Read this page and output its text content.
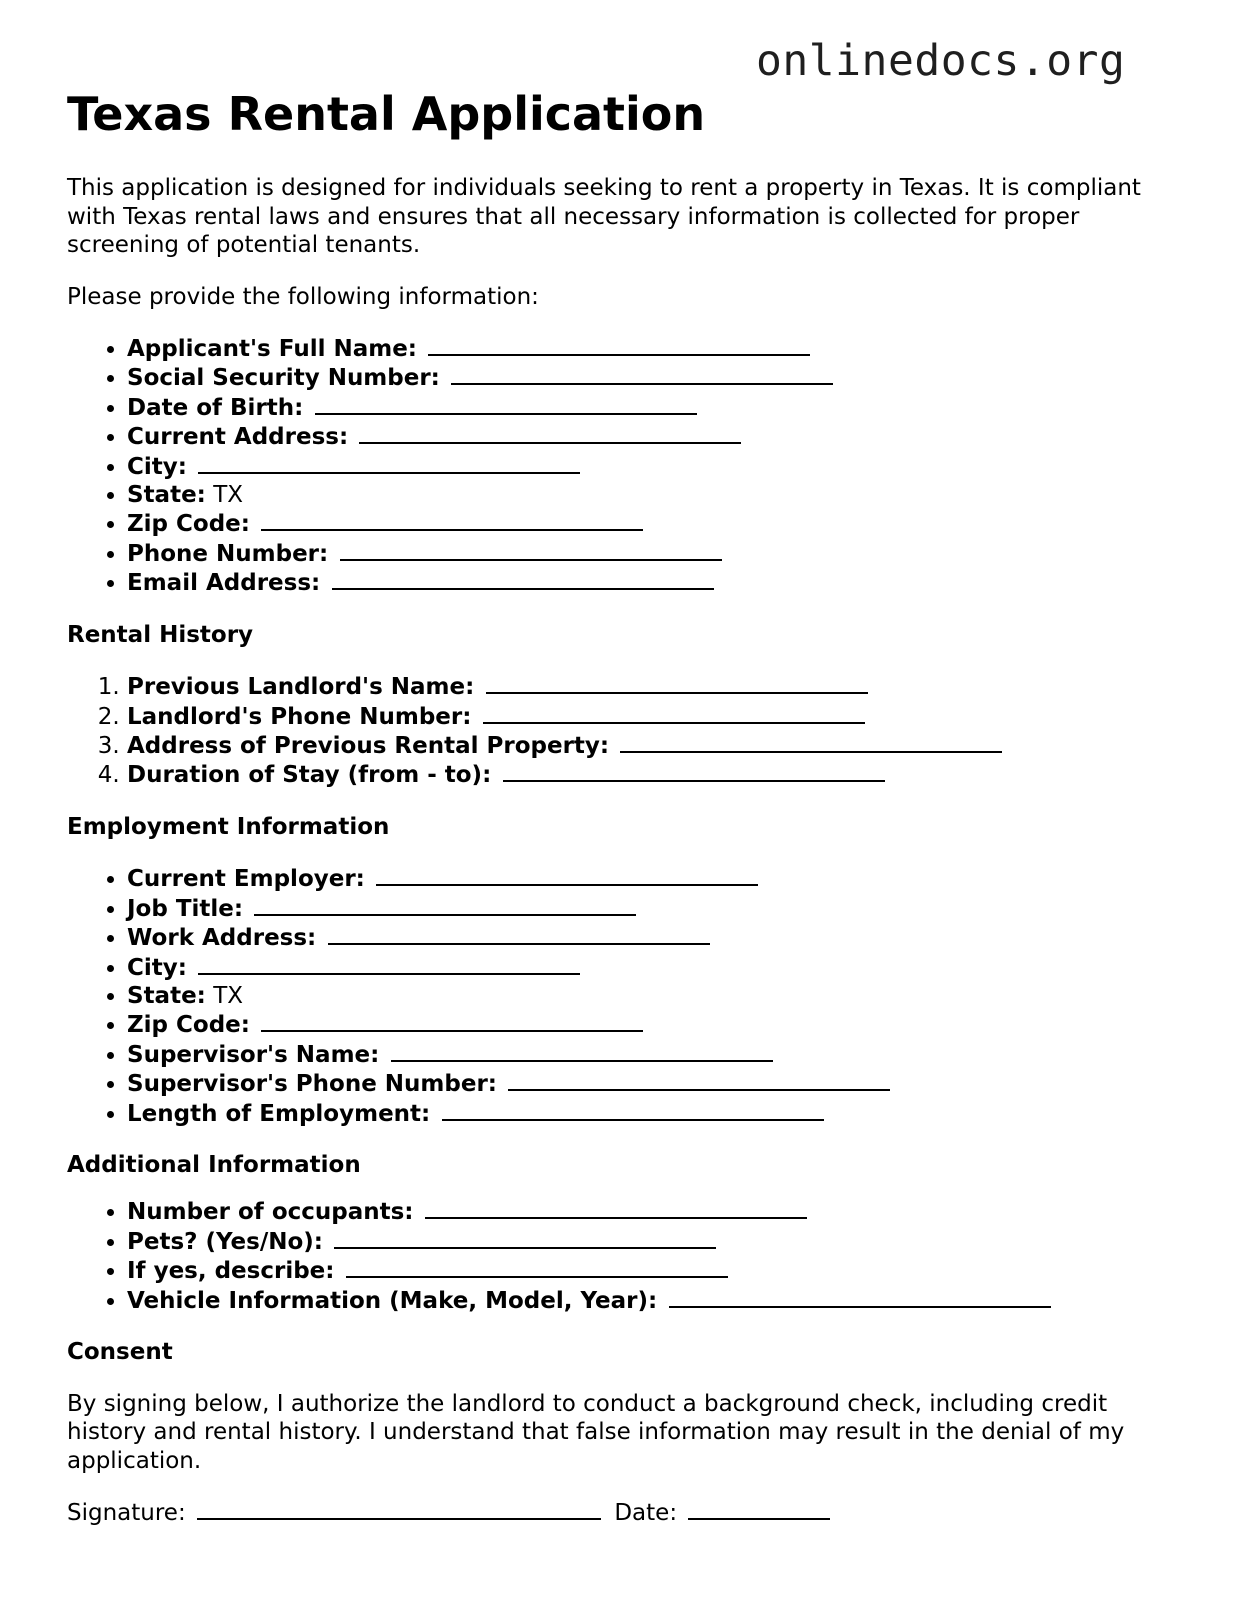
onlinedocs.org
Texas Rental Application

This application is designed for individuals seeking to rent a property in Texas. It is compliant with Texas rental laws and ensures that all necessary information is collected for proper screening of potential tenants.

Please provide the following information:

• Applicant's Full Name:
• Social Security Number:
• Date of Birth:
• Current Address:
• City:
• State: TX
• Zip Code:
• Phone Number:
• Email Address:
Rental History
1. Previous Landlord's Name:
2. Landlord's Phone Number:
3. Address of Previous Rental Property:
4. Duration of Stay (from - to):
Employment Information
• Current Employer:
• Job Title:
• Work Address:
• City:
• State: TX
• Zip Code:
• Supervisor's Name:
• Supervisor's Phone Number:
• Length of Employment:
Additional Information
• Number of occupants:
• Pets? (Yes/No):
• If yes, describe:
• Vehicle Information (Make, Model, Year):
Consent

By signing below, I authorize the landlord to conduct a background check, including credit history and rental history. I understand that false information may result in the denial of my application.

Signature:	Date:
